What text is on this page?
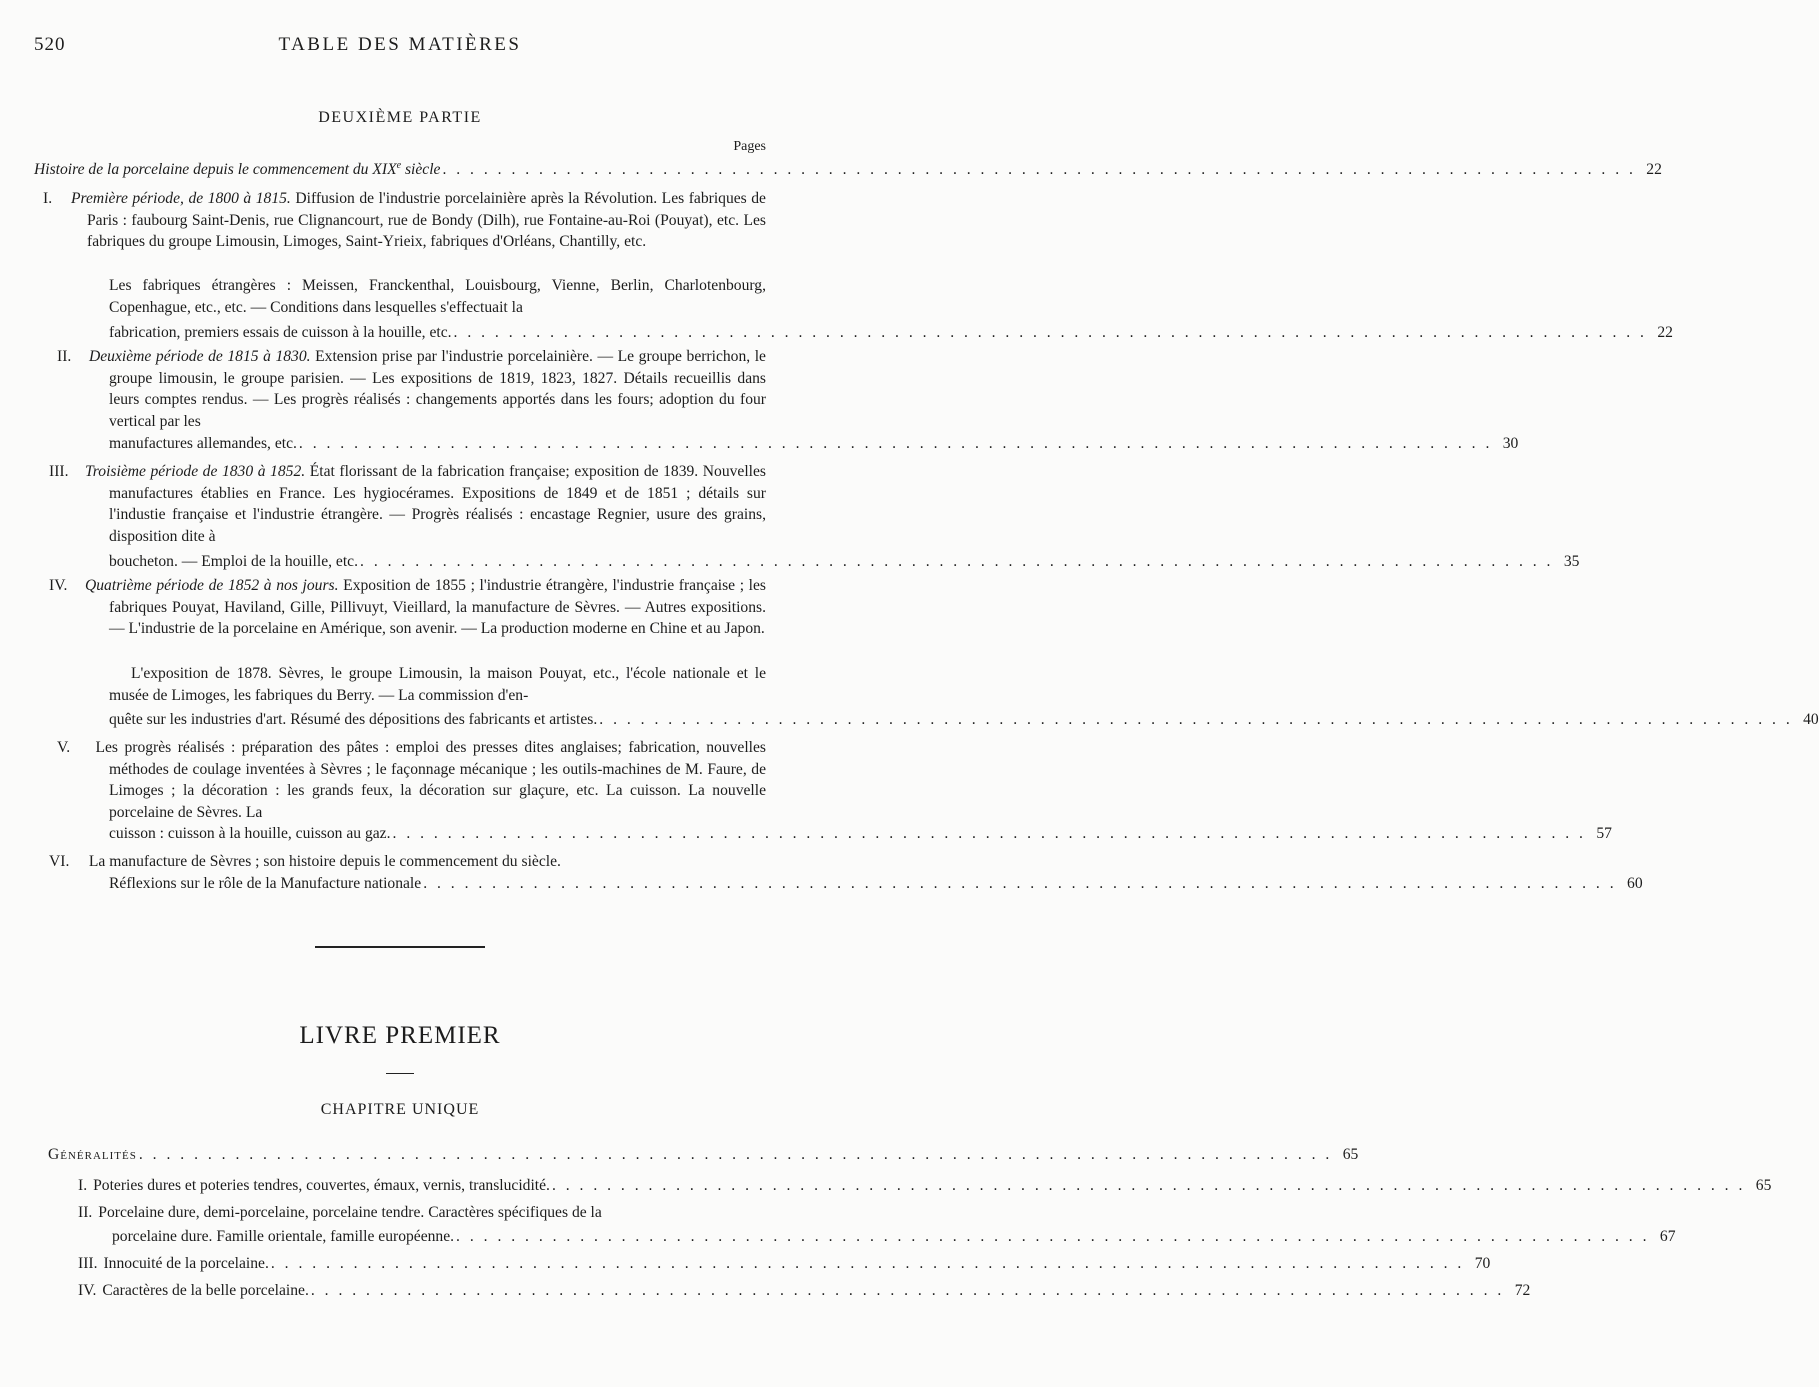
520	TABLE DES MATIÈRES
DEUXIÈME PARTIE
Pages
Histoire de la porcelaine depuis le commencement du XIXe siècle . . .	22
I. Première période, de 1800 à 1815. Diffusion de l'industrie porcelainière après la Révolution. Les fabriques de Paris : faubourg Saint-Denis, rue Clignancourt, rue de Bondy (Dilh), rue Fontaine-au-Roi (Pouyat), etc. Les fabriques du groupe Limousin, Limoges, Saint-Yrieix, fabriques d'Orléans, Chantilly, etc.
Les fabriques étrangères : Meissen, Franckenthal, Louisbourg, Vienne, Berlin, Charlotenbourg, Copenhague, etc., etc. — Conditions dans lesquelles s'effectuait la
fabrication, premiers essais de cuisson à la houille, etc. . . .	22
II. Deuxième période de 1815 à 1830. Extension prise par l'industrie porcelainière. — Le groupe berrichon, le groupe limousin, le groupe parisien. — Les expositions de 1819, 1823, 1827. Détails recueillis dans leurs comptes rendus. — Les progrès réalisés : changements apportés dans les fours; adoption du four vertical par les
manufactures allemandes, etc. . . .	30
III. Troisième période de 1830 à 1852. État florissant de la fabrication française; exposition de 1839. Nouvelles manufactures établies en France. Les hygiocérames. Expositions de 1849 et de 1851 ; détails sur l'industie française et l'industrie étrangère. — Progrès réalisés : encastage Regnier, usure des grains, disposition dite à
boucheton. — Emploi de la houille, etc. . . .	35
IV. Quatrième période de 1852 à nos jours. Exposition de 1855 ; l'industrie étrangère, l'industrie française ; les fabriques Pouyat, Haviland, Gille, Pillivuyt, Vieillard, la manufacture de Sèvres. — Autres expositions. — L'industrie de la porcelaine en Amérique, son avenir. — La production moderne en Chine et au Japon.
L'exposition de 1878. Sèvres, le groupe Limousin, la maison Pouyat, etc., l'école nationale et le musée de Limoges, les fabriques du Berry. — La commission d'en-
quête sur les industries d'art. Résumé des dépositions des fabricants et artistes. . . .	40
V. Les progrès réalisés : préparation des pâtes : emploi des presses dites anglaises; fabrication, nouvelles méthodes de coulage inventées à Sèvres ; le façonnage mécanique ; les outils-machines de M. Faure, de Limoges ; la décoration : les grands feux, la décoration sur glaçure, etc. La cuisson. La nouvelle porcelaine de Sèvres. La
cuisson : cuisson à la houille, cuisson au gaz. . . .	57
VI. La manufacture de Sèvres ; son histoire depuis le commencement du siècle.
Réflexions sur le rôle de la Manufacture nationale . . .	60
LIVRE PREMIER
CHAPITRE UNIQUE
Généralités . . .	65
I. Poteries dures et poteries tendres, couvertes, émaux, vernis, translucidité. . . .	65
II. Porcelaine dure, demi-porcelaine, porcelaine tendre. Caractères spécifiques de la
porcelaine dure. Famille orientale, famille européenne. . . .	67
III. Innocuité de la porcelaine. . . .	70
IV. Caractères de la belle porcelaine. . . .	72
